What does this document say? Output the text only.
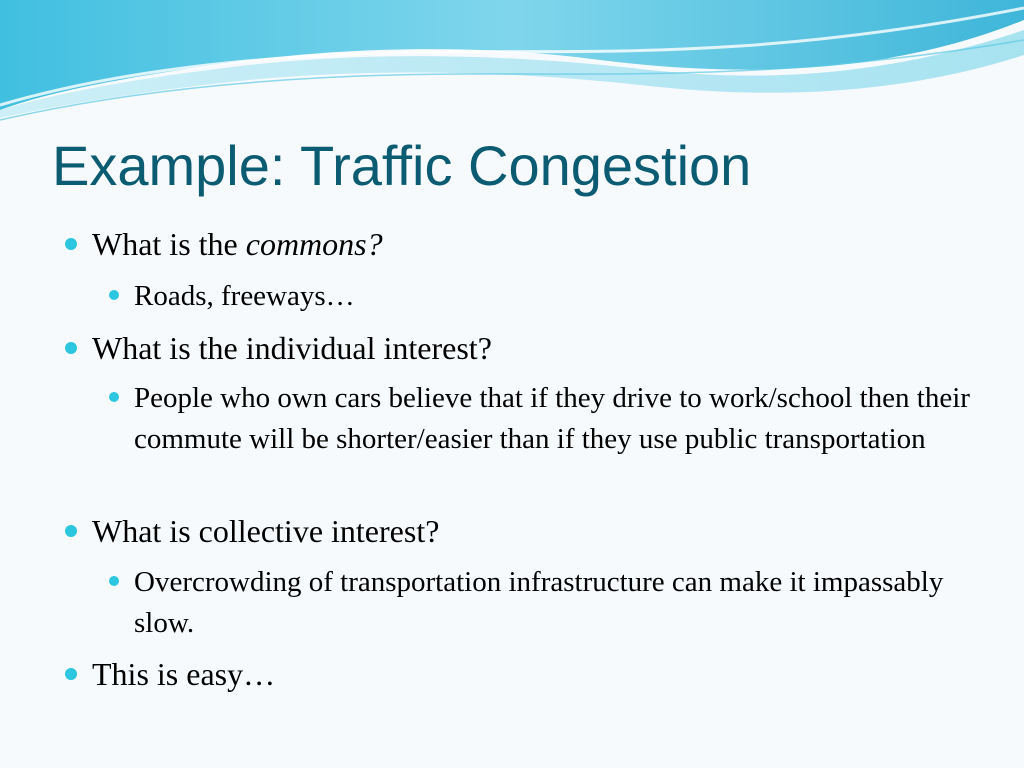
Example: Traffic Congestion
What is the commons?
Roads, freeways…
What is the individual interest?
People who own cars believe that if they drive to work/school then their commute will be shorter/easier than if they use public transportation
What is collective interest?
Overcrowding of transportation infrastructure can make it impassably slow.
This is easy…
